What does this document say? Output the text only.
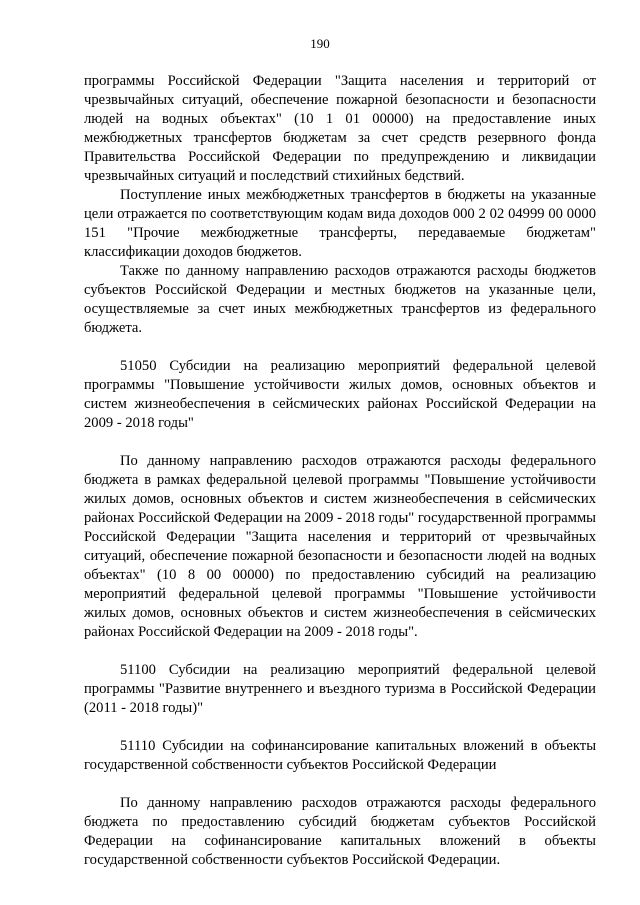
190

программы Российской Федерации "Защита населения и территорий от чрезвычайных ситуаций, обеспечение пожарной безопасности и безопасности людей на водных объектах" (10 1 01 00000) на предоставление иных межбюджетных трансфертов бюджетам за счет средств резервного фонда Правительства Российской Федерации по предупреждению и ликвидации чрезвычайных ситуаций и последствий стихийных бедствий.

Поступление иных межбюджетных трансфертов в бюджеты на указанные цели отражается по соответствующим кодам вида доходов 000 2 02 04999 00 0000 151 "Прочие межбюджетные трансферты, передаваемые бюджетам" классификации доходов бюджетов.

Также по данному направлению расходов отражаются расходы бюджетов субъектов Российской Федерации и местных бюджетов на указанные цели, осуществляемые за счет иных межбюджетных трансфертов из федерального бюджета.

51050 Субсидии на реализацию мероприятий федеральной целевой программы "Повышение устойчивости жилых домов, основных объектов и систем жизнеобеспечения в сейсмических районах Российской Федерации на 2009 - 2018 годы"

По данному направлению расходов отражаются расходы федерального бюджета в рамках федеральной целевой программы "Повышение устойчивости жилых домов, основных объектов и систем жизнеобеспечения в сейсмических районах Российской Федерации на 2009 - 2018 годы" государственной программы Российской Федерации "Защита населения и территорий от чрезвычайных ситуаций, обеспечение пожарной безопасности и безопасности людей на водных объектах" (10 8 00 00000) по предоставлению субсидий на реализацию мероприятий федеральной целевой программы "Повышение устойчивости жилых домов, основных объектов и систем жизнеобеспечения в сейсмических районах Российской Федерации на 2009 - 2018 годы".

51100 Субсидии на реализацию мероприятий федеральной целевой программы "Развитие внутреннего и въездного туризма в Российской Федерации (2011 - 2018 годы)"

51110 Субсидии на софинансирование капитальных вложений в объекты государственной собственности субъектов Российской Федерации

По данному направлению расходов отражаются расходы федерального бюджета по предоставлению субсидий бюджетам субъектов Российской Федерации на софинансирование капитальных вложений в объекты государственной собственности субъектов Российской Федерации.
